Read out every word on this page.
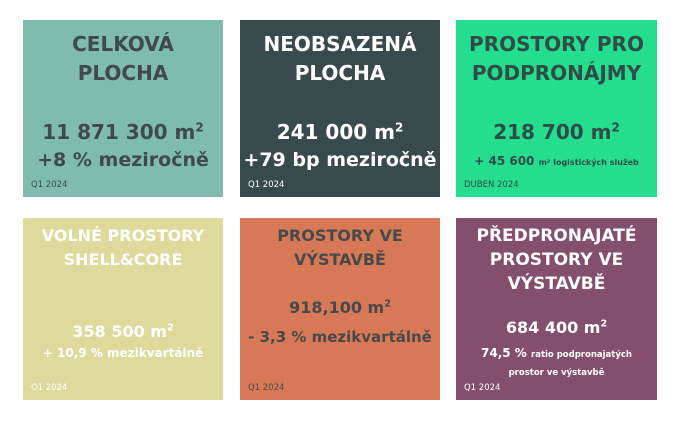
CELKOVÁ
PLOCHA
11 871 300 $m^2$
+8 % meziročně
Q1 2024
NEOBSAZENÁ
PLOCHA
241 000 $m^2$
+79 bp meziročně
Q1 2024
PROSTORY PRO
PODPRONÁJMY
218 700 $m^2$
+ 45 600 m² logistických služeb
DUBEN 2024
VOLNÉ PROSTORY
SHELL&CORE
358 500 $m^2$
+ 10,9 % mezikvartálně
Q1 2024
PROSTORY VE
VÝSTAVBĚ
918,100 $m^2$
- 3,3 % mezikvartálně
Q1 2024
PŘEDPRONAJATÉ
PROSTORY VE
VÝSTAVBĚ
684 400 $m^2$
74,5 % ratio podpronajatých
prostor ve výstavbě
Q1 2024
